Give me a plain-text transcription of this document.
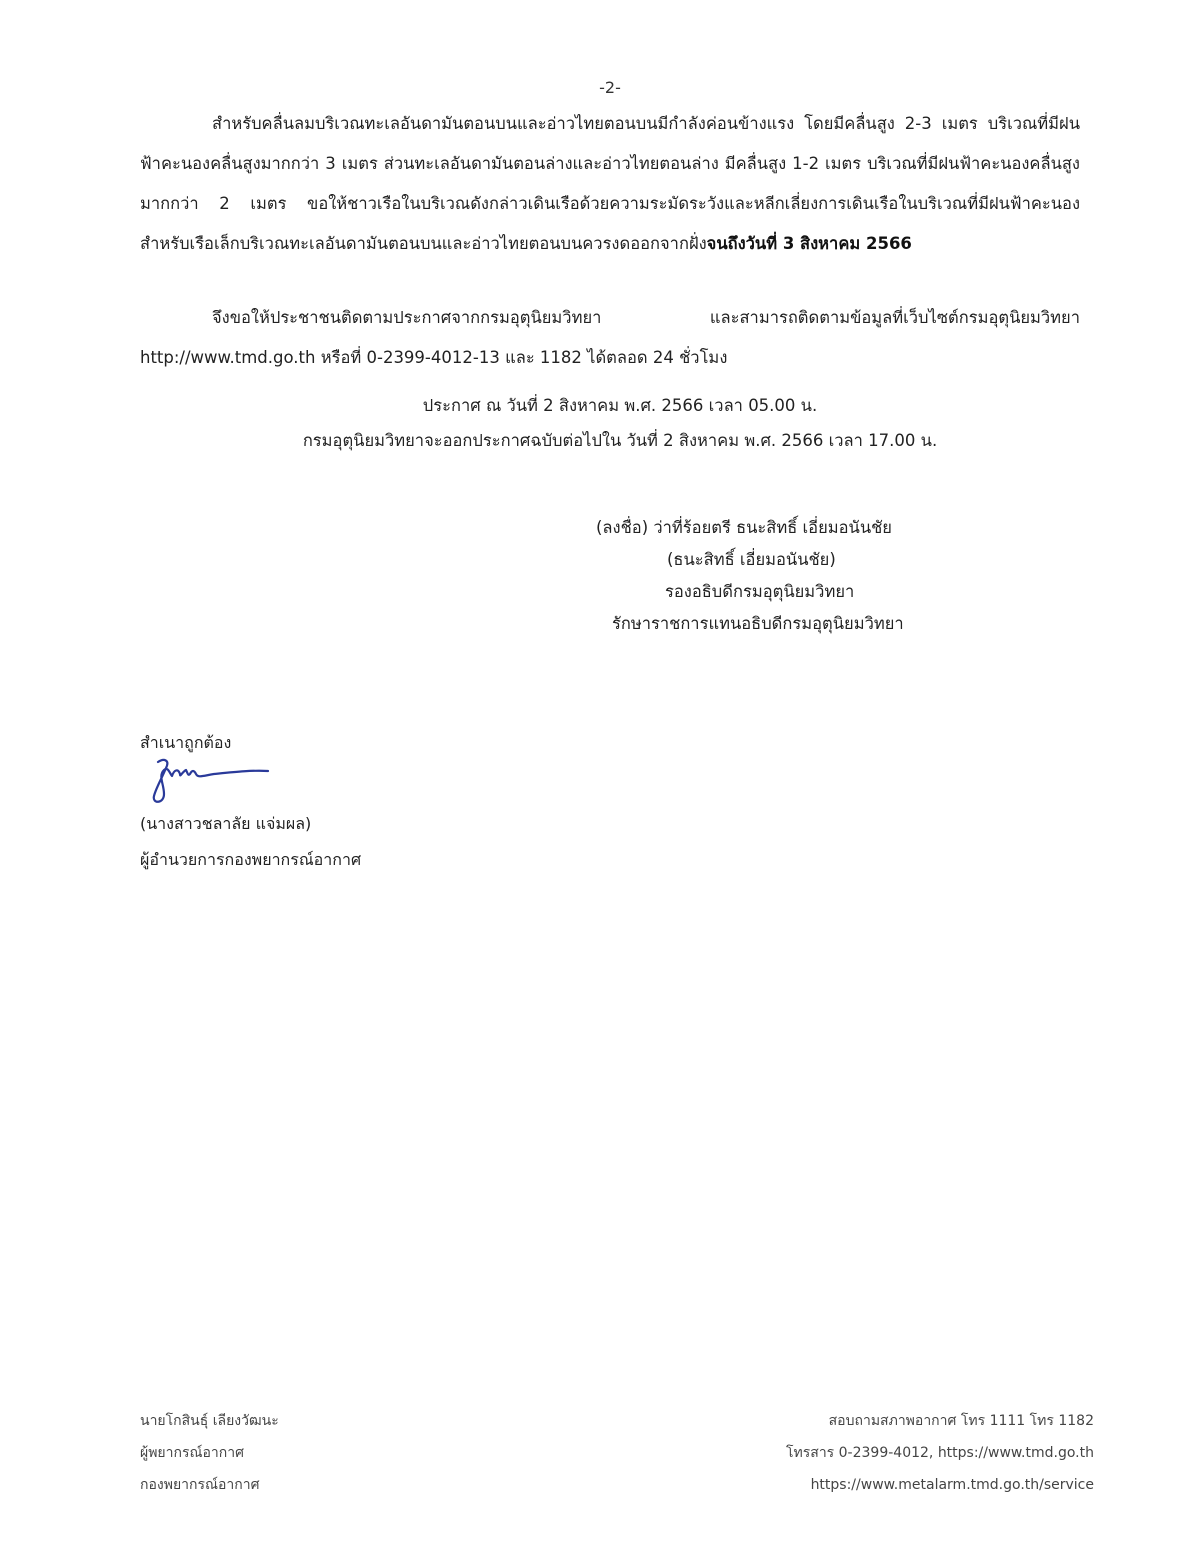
-2-
สำหรับคลื่นลมบริเวณทะเลอันดามันตอนบนและอ่าวไทยตอนบนมีกำลังค่อนข้างแรง โดยมีคลื่นสูง 2-3 เมตร บริเวณที่มีฝนฟ้าคะนองคลื่นสูงมากกว่า 3 เมตร ส่วนทะเลอันดามันตอนล่างและอ่าวไทยตอนล่าง มีคลื่นสูง 1-2 เมตร บริเวณที่มีฝนฟ้าคะนองคลื่นสูงมากกว่า 2 เมตร ขอให้ชาวเรือในบริเวณดังกล่าวเดินเรือด้วยความระมัดระวังและหลีกเลี่ยงการเดินเรือในบริเวณที่มีฝนฟ้าคะนอง สำหรับเรือเล็กบริเวณทะเลอันดามันตอนบนและอ่าวไทยตอนบนควรงดออกจากฝั่งจนถึงวันที่ 3 สิงหาคม 2566
จึงขอให้ประชาชนติดตามประกาศจากกรมอุตุนิยมวิทยา และสามารถติดตามข้อมูลที่เว็บไซต์กรมอุตุนิยมวิทยา http://www.tmd.go.th หรือที่ 0-2399-4012-13 และ 1182 ได้ตลอด 24 ชั่วโมง
ประกาศ ณ วันที่ 2 สิงหาคม พ.ศ. 2566 เวลา 05.00 น.
กรมอุตุนิยมวิทยาจะออกประกาศฉบับต่อไปใน วันที่ 2 สิงหาคม พ.ศ. 2566 เวลา 17.00 น.
(ลงชื่อ) ว่าที่ร้อยตรี ธนะสิทธิ์ เอี่ยมอนันชัย
(ธนะสิทธิ์ เอี่ยมอนันชัย)
รองอธิบดีกรมอุตุนิยมวิทยา
รักษาราชการแทนอธิบดีกรมอุตุนิยมวิทยา
สำเนาถูกต้อง
(นางสาวชลาลัย แจ่มผล)
ผู้อำนวยการกองพยากรณ์อากาศ
นายโกสินธุ์ เลียงวัฒนะ
ผู้พยากรณ์อากาศ
กองพยากรณ์อากาศ
สอบถามสภาพอากาศ โทร 1111 โทร 1182
โทรสาร 0-2399-4012, https://www.tmd.go.th
https://www.metalarm.tmd.go.th/service
